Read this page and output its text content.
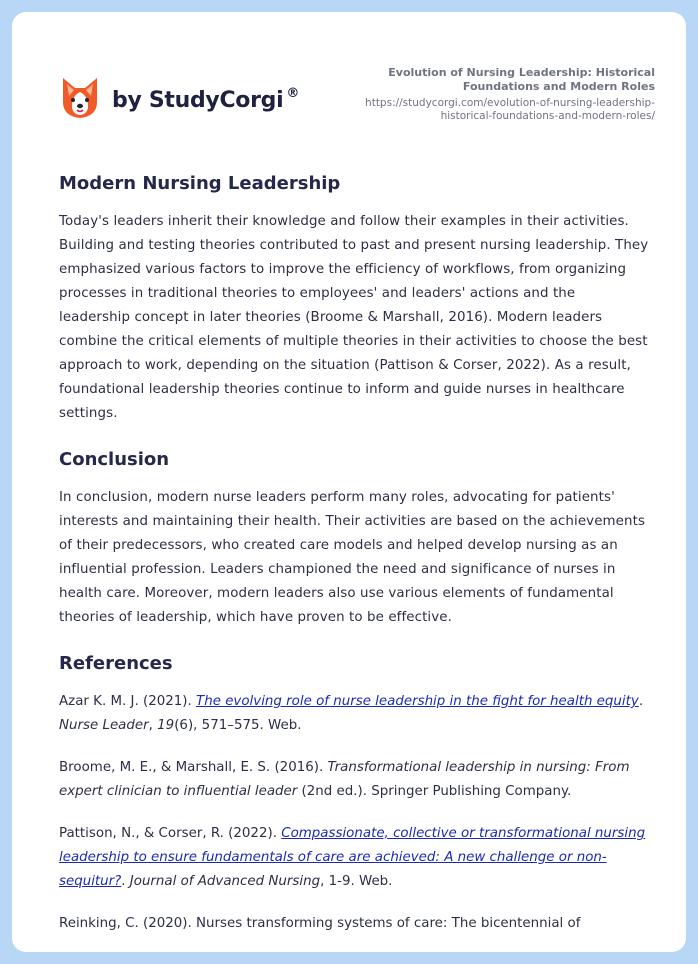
by StudyCorgi ®
Evolution of Nursing Leadership: Historical Foundations and Modern Roles
https://studycorgi.com/evolution-of-nursing-leadership-
historical-foundations-and-modern-roles/
Modern Nursing Leadership

Today's leaders inherit their knowledge and follow their examples in their activities. Building and testing theories contributed to past and present nursing leadership. They emphasized various factors to improve the efficiency of workflows, from organizing processes in traditional theories to employees' and leaders' actions and the leadership concept in later theories (Broome & Marshall, 2016). Modern leaders combine the critical elements of multiple theories in their activities to choose the best approach to work, depending on the situation (Pattison & Corser, 2022). As a result, foundational leadership theories continue to inform and guide nurses in healthcare settings.

Conclusion

In conclusion, modern nurse leaders perform many roles, advocating for patients' interests and maintaining their health. Their activities are based on the achievements of their predecessors, who created care models and helped develop nursing as an influential profession. Leaders championed the need and significance of nurses in health care. Moreover, modern leaders also use various elements of fundamental theories of leadership, which have proven to be effective.

References
Azar K. M. J. (2021). The evolving role of nurse leadership in the fight for health equity. Nurse Leader, 19(6), 571–575. Web.
Broome, M. E., & Marshall, E. S. (2016). Transformational leadership in nursing: From expert clinician to influential leader (2nd ed.). Springer Publishing Company.
Pattison, N., & Corser, R. (2022). Compassionate, collective or transformational nursing leadership to ensure fundamentals of care are achieved: A new challenge or non-sequitur?. Journal of Advanced Nursing, 1-9. Web.
Reinking, C. (2020). Nurses transforming systems of care: The bicentennial of
